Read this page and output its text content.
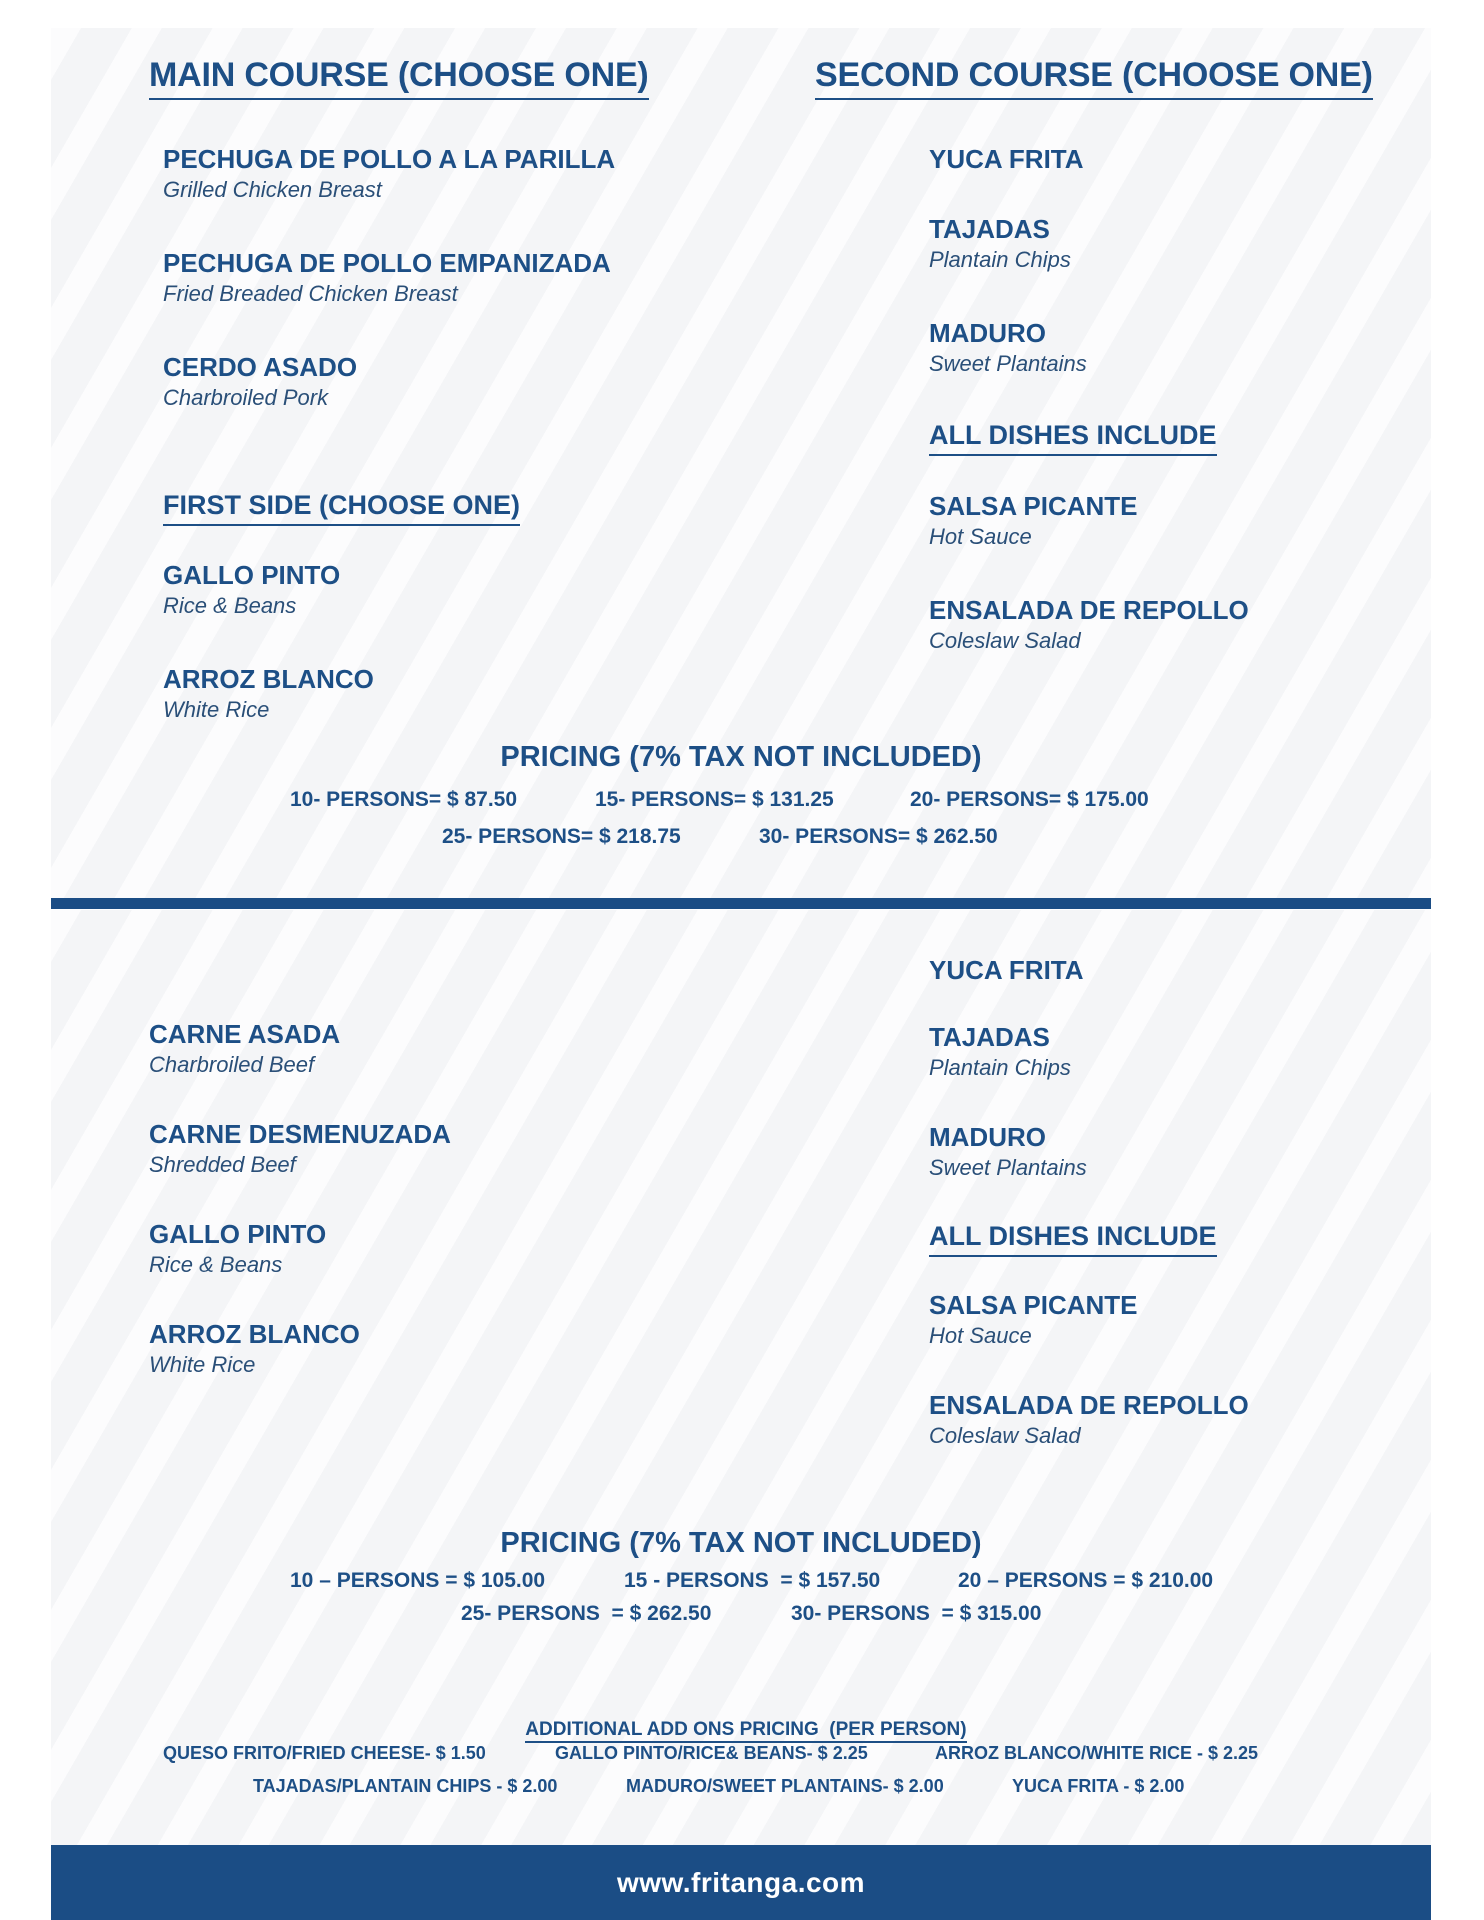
MAIN COURSE (CHOOSE ONE)	SECOND COURSE (CHOOSE ONE)
PECHUGA DE POLLO A LA PARILLA
Grilled Chicken Breast
PECHUGA DE POLLO EMPANIZADA
Fried Breaded Chicken Breast
CERDO ASADO
Charbroiled Pork
FIRST SIDE (CHOOSE ONE)
GALLO PINTO
Rice & Beans
ARROZ BLANCO
White Rice
YUCA FRITA
TAJADAS
Plantain Chips
MADURO
Sweet Plantains
ALL DISHES INCLUDE
SALSA PICANTE
Hot Sauce
ENSALADA DE REPOLLO
Coleslaw Salad
PRICING (7% TAX NOT INCLUDED)
10- PERSONS= $ 87.50	15- PERSONS= $ 131.25	20- PERSONS= $ 175.00
25- PERSONS= $ 218.75	30- PERSONS= $ 262.50
YUCA FRITA
TAJADAS
Plantain Chips
MADURO
Sweet Plantains
CARNE ASADA
Charbroiled Beef
CARNE DESMENUZADA
Shredded Beef
GALLO PINTO
Rice & Beans
ARROZ BLANCO
White Rice
ALL DISHES INCLUDE
SALSA PICANTE
Hot Sauce
ENSALADA DE REPOLLO
Coleslaw Salad
PRICING (7% TAX NOT INCLUDED)
10 – PERSONS = $ 105.00	15 - PERSONS  = $ 157.50	20 – PERSONS = $ 210.00
25- PERSONS  = $ 262.50	30- PERSONS  = $ 315.00

ADDITIONAL ADD ONS PRICING  (PER PERSON)

QUESO FRITO/FRIED CHEESE- $ 1.50	GALLO PINTO/RICE& BEANS- $ 2.25	ARROZ BLANCO/WHITE RICE - $ 2.25
TAJADAS/PLANTAIN CHIPS - $ 2.00	MADURO/SWEET PLANTAINS- $ 2.00	YUCA FRITA - $ 2.00
www.fritanga.com
